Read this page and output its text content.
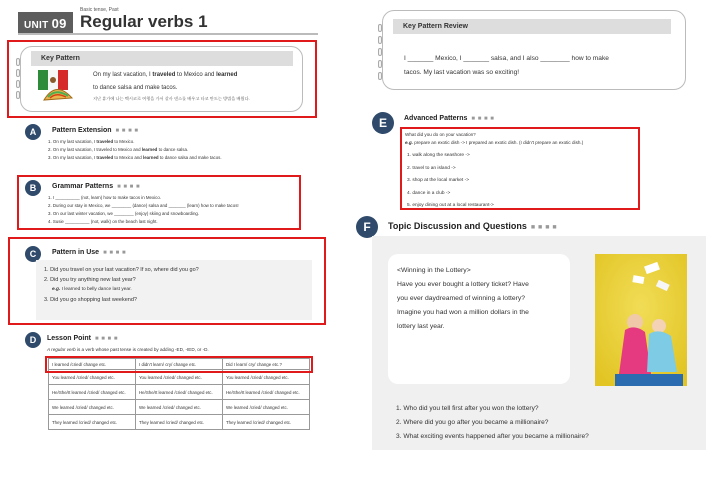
UNIT 09
Basic tense, Past
Regular verbs 1
Key Pattern
On my last vacation, I traveled to Mexico and learned
to dance salsa and make tacos.
지난 휴가에 나는 멕시코로 여행을 가서 살사 댄스를 배우고 타코 만드는 방법을 배웠다.
A	Pattern Extension ■ ■ ■ ■
1. On my last vacation, I traveled to Mexico.
2. On my last vacation, I traveled to Mexico and learned to dance salsa.
3. On my last vacation, I traveled to Mexico and learned to dance salsa and make tacos.
B	Grammar Patterns ■ ■ ■ ■
1. I __________ (not, learn) how to make tacos in Mexico.
2. During our stay in Mexico, we ________ (dance) salsa and _______ (learn) how to make tacos!
3. On our last winter vacation, we ________ (enjoy) skiing and snowboarding.
4. Susie __________ (not, walk) on the beach last night.
C	Pattern in Use ■ ■ ■ ■
1. Did you travel on your last vacation? If so, where did you go?
2. Did you try anything new last year?
e.g. I learned to belly dance last year.
3. Did you go shopping last weekend?
D	Lesson Point ■ ■ ■ ■
A regular verb is a verb whose past tense is created by adding -ED, -IED, or -D.
I learned /cried/ change etc.	I didn't learn/ cry/ change etc.	Did I learn/ cry/ change etc.?
You learned /cried/ changed etc.	You learned /cried/ changed etc.	You learned /cried/ changed etc.
He/She/It learned /cried/ changed etc.	He/She/It learned /cried/ changed etc.	He/She/It learned /cried/ changed etc.
We learned /cried/ changed etc.	We learned /cried/ changed etc.	We learned /cried/ changed etc.
They learned /cried/ changed etc.	They learned /cried/ changed etc.	They learned /cried/ changed etc.
Key Pattern Review
I _______ Mexico, I _______ salsa, and I also ________ how to make
tacos. My last vacation was so exciting!
E	Advanced Patterns ■ ■ ■ ■
What did you do on your vacation?
e.g. prepare an exotic dish -> I prepared an exotic dish. (I didn't prepare an exotic dish.)
1. walk along the seashore ->
2. travel to an island ->
3. shop at the local market ->
4. dance in a club ->
5. enjoy dining out at a local restaurant->
F	Topic Discussion and Questions ■ ■ ■ ■
<Winning in the Lottery>
Have you ever bought a lottery ticket? Have
you ever daydreamed of winning a lottery?
Imagine you had won a million dollars in the
lottery last year.
1. Who did you tell first after you won the lottery?
2. Where did you go after you became a millionaire?
3. What exciting events happened after you became a millionaire?
